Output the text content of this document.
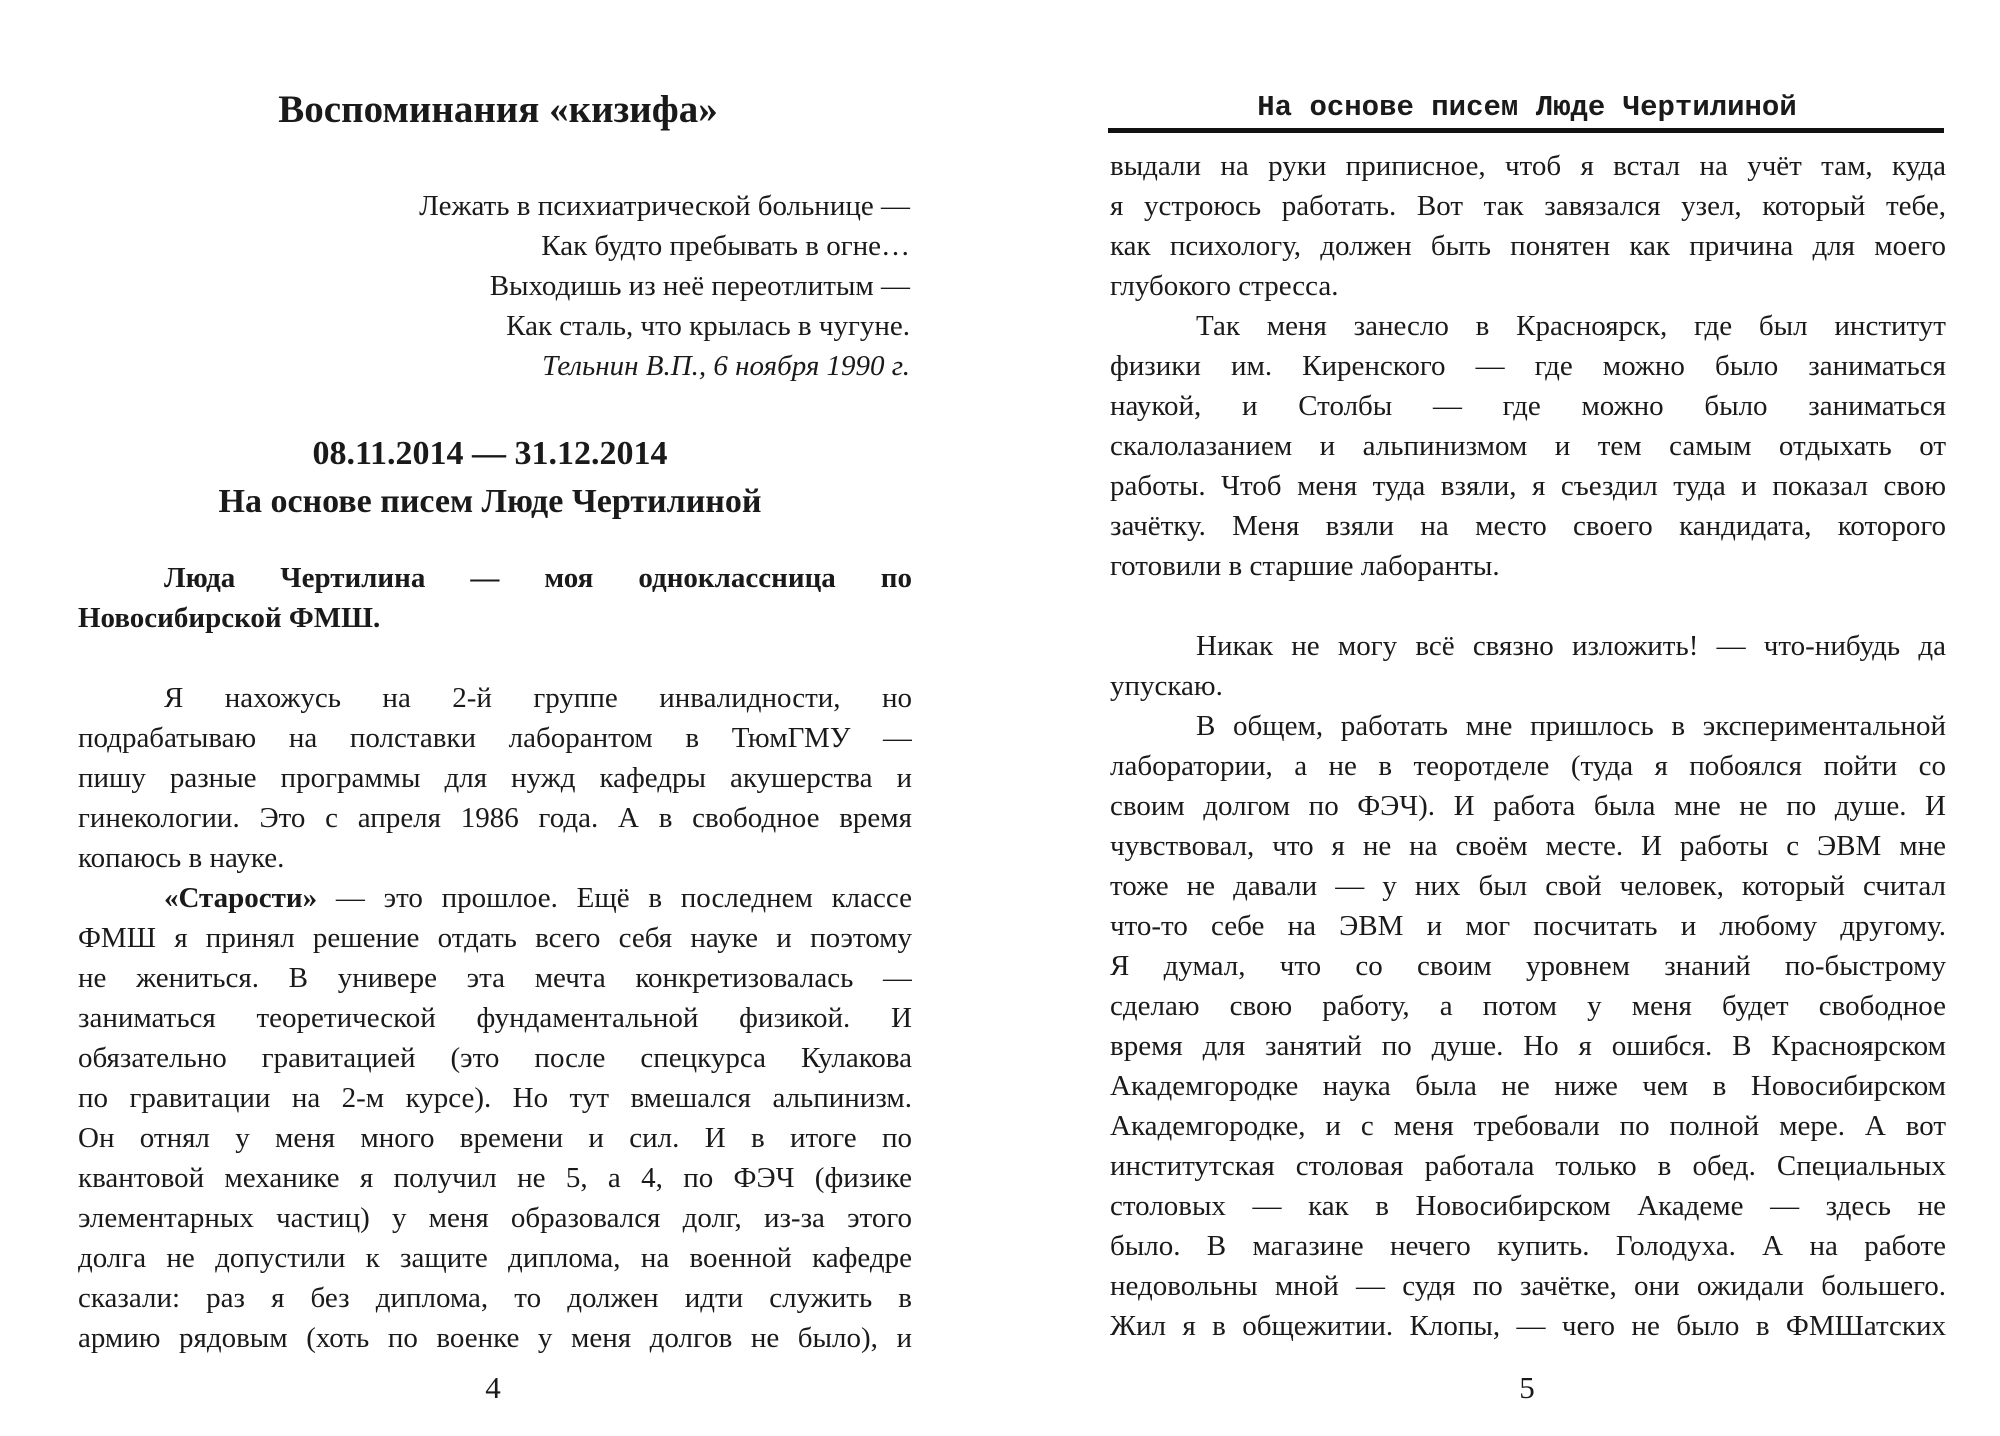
Воспоминания «кизифа»
Лежать в психиатрической больнице —
Как будто пребывать в огне…
Выходишь из неё переотлитым —
Как сталь, что крылась в чугуне.
Тельнин В.П., 6 ноября 1990 г.
08.11.2014 — 31.12.2014
На основе писем Люде Чертилиной
Люда Чертилина — моя одноклассница по
Новосибирской ФМШ.
Я нахожусь на 2-й группе инвалидности, но
подрабатываю на полставки лаборантом в ТюмГМУ —
пишу разные программы для нужд кафедры акушерства и
гинекологии. Это с апреля 1986 года. А в свободное время
копаюсь в науке.
«Старости» — это прошлое. Ещё в последнем классе
ФМШ я принял решение отдать всего себя науке и поэтому
не жениться. В универе эта мечта конкретизовалась —
заниматься теоретической фундаментальной физикой. И
обязательно гравитацией (это после спецкурса Кулакова
по гравитации на 2-м курсе). Но тут вмешался альпинизм.
Он отнял у меня много времени и сил. И в итоге по
квантовой механике я получил не 5, а 4, по ФЭЧ (физике
элементарных частиц) у меня образовался долг, из-за этого
долга не допустили к защите диплома, на военной кафедре
сказали: раз я без диплома, то должен идти служить в
армию рядовым (хоть по военке у меня долгов не было), и
4
На основе писем Люде Чертилиной
выдали на руки приписное, чтоб я встал на учёт там, куда
я устроюсь работать. Вот так завязался узел, который тебе,
как психологу, должен быть понятен как причина для моего
глубокого стресса.
Так меня занесло в Красноярск, где был институт
физики им. Киренского — где можно было заниматься
наукой, и Столбы — где можно было заниматься
скалолазанием и альпинизмом и тем самым отдыхать от
работы. Чтоб меня туда взяли, я съездил туда и показал свою
зачётку. Меня взяли на место своего кандидата, которого
готовили в старшие лаборанты.
Никак не могу всё связно изложить! — что-нибудь да
упускаю.
В общем, работать мне пришлось в экспериментальной
лаборатории, а не в теоротделе (туда я побоялся пойти со
своим долгом по ФЭЧ). И работа была мне не по душе. И
чувствовал, что я не на своём месте. И работы с ЭВМ мне
тоже не давали — у них был свой человек, который считал
что-то себе на ЭВМ и мог посчитать и любому другому.
Я думал, что со своим уровнем знаний по-быстрому
сделаю свою работу, а потом у меня будет свободное
время для занятий по душе. Но я ошибся. В Красноярском
Академгородке наука была не ниже чем в Новосибирском
Академгородке, и с меня требовали по полной мере. А вот
институтская столовая работала только в обед. Специальных
столовых — как в Новосибирском Академе — здесь не
было. В магазине нечего купить. Голодуха. А на работе
недовольны мной — судя по зачётке, они ожидали большего.
Жил я в общежитии. Клопы, — чего не было в ФМШатских
5
